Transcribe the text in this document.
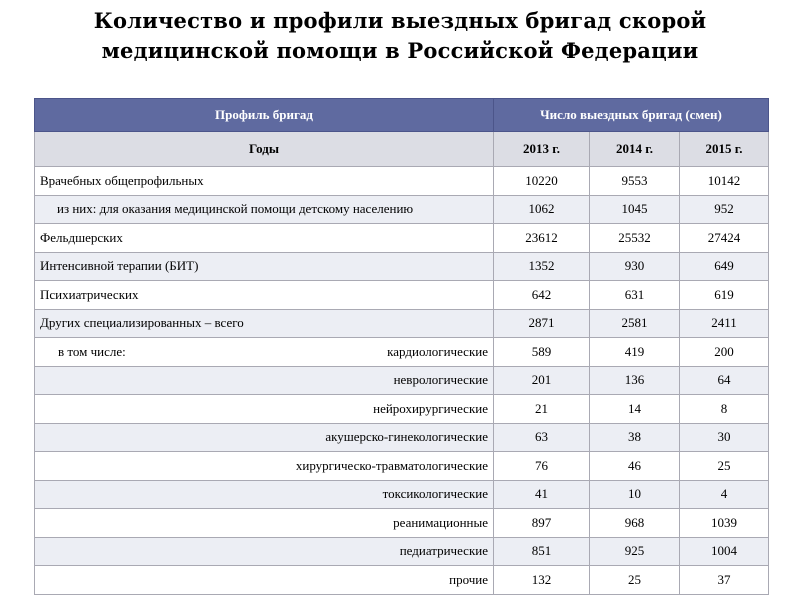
Количество и профили выездных бригад скорой
медицинской помощи в Российской Федерации
Профиль бригад	Число выездных бригад (смен)		
Годы	2013 г.	2014 г.	2015 г.
Врачебных общепрофильных	10220	9553	10142
из них: для оказания медицинской помощи детскому населению	1062	1045	952
Фельдшерских	23612	25532	27424
Интенсивной терапии (БИТ)	1352	930	649
Психиатрических	642	631	619
Других специализированных – всего	2871	2581	2411

в том числе: кардиологические	589	419	200
неврологические	201	136	64
нейрохирургические	21	14	8
акушерско-гинекологические	63	38	30
хирургическо-травматологические	76	46	25
токсикологические	41	10	4
реанимационные	897	968	1039
педиатрические	851	925	1004
прочие	132	25	37
